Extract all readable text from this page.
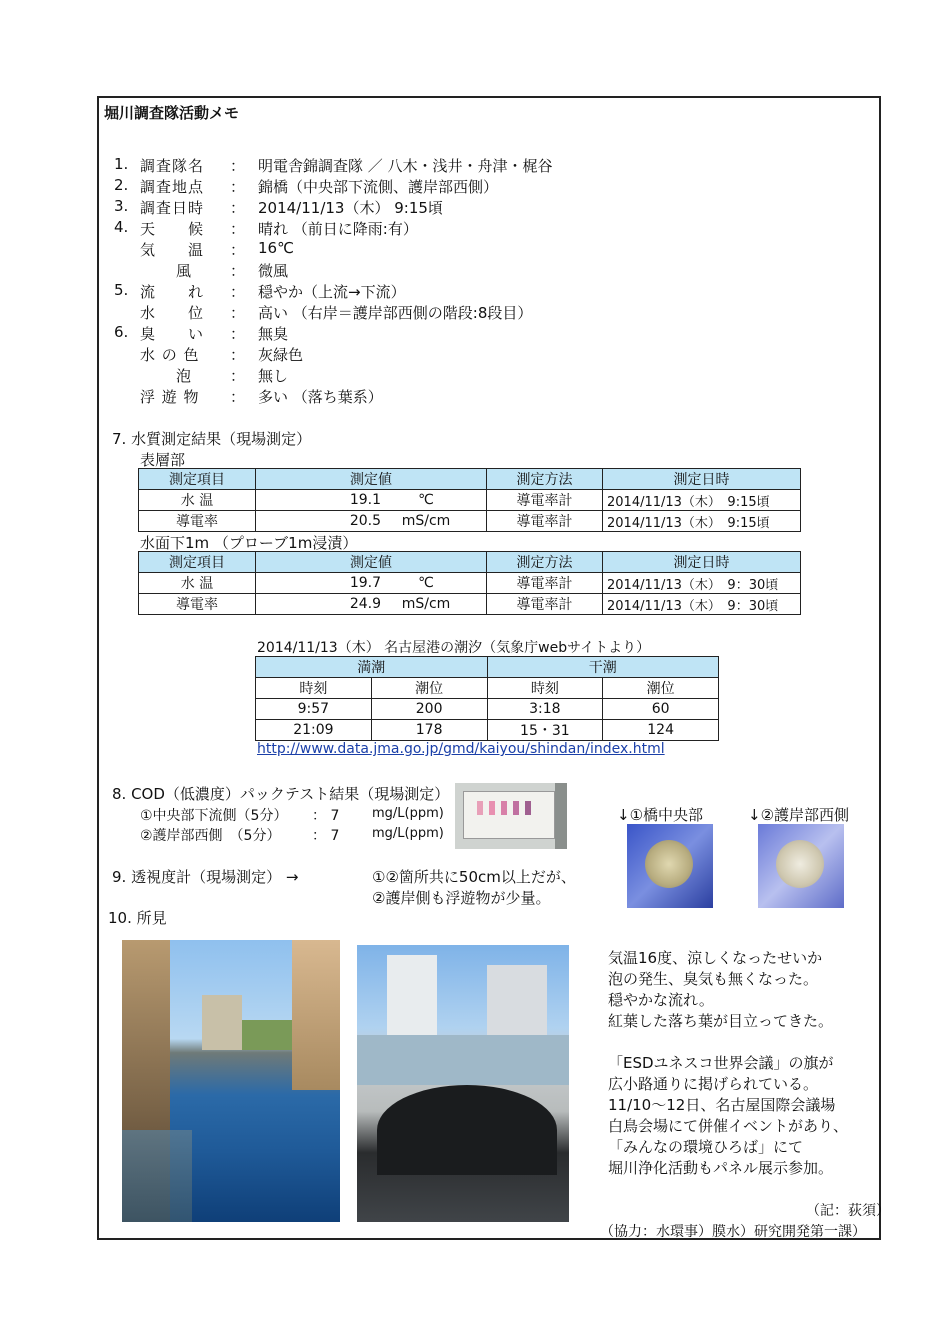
堀川調査隊活動メモ
1. 調査隊名 ： 明電舎錦調査隊 ／ 八木・浅井・舟津・梶谷
2. 調査地点 ： 錦橋（中央部下流側、護岸部西側）
3. 調査日時 ： 2014/11/13（木） 9:15頃
4. 天　　候 ： 晴れ （前日に降雨:有）
気　　温 ： 16℃
風	： 微風
5. 流　　れ ： 穏やか（上流→下流）
水　　位 ： 高い （右岸＝護岸部西側の階段:8段目）
6. 臭　　い ： 無臭
水 の 色 ： 灰緑色
泡	： 無し
浮 遊 物 ： 多い （落ち葉系）
7. 水質測定結果（現場測定）
表層部
測定項目	測定値	測定方法	測定日時
水 温	19.1 ℃	導電率計	2014/11/13（木）　9:15頃
導電率	20.5 mS/cm	導電率計	2014/11/13（木）　9:15頃
水面下1m （プローブ1m浸漬）
測定項目	測定値	測定方法	測定日時
水 温	19.7 ℃	導電率計	2014/11/13（木）　9：30頃
導電率	24.9 mS/cm	導電率計	2014/11/13（木）　9：30頃
2014/11/13（木） 名古屋港の潮汐（気象庁webサイトより）
満潮		干潮	
時刻	潮位	時刻	潮位
9:57	200	3:18	60
21:09	178	15・31	124
http://www.data.jma.go.jp/gmd/kaiyou/shindan/index.html
8. COD（低濃度）パックテスト結果（現場測定）
①中央部下流側（5分） ： 7	mg/L(ppm)
②護岸部西側　（5分） ： 7	mg/L(ppm)
↓①橋中央部	↓②護岸部西側
9. 透視度計（現場測定） →	①②箇所共に50cm以上だが、
②護岸側も浮遊物が少量。
10. 所見

気温16度、涼しくなったせいか

泡の発生、臭気も無くなった。

穏やかな流れ。

紅葉した落ち葉が目立ってきた。

「ESDユネスコ世界会議」の旗が

広小路通りに掲げられている。

11/10～12日、名古屋国際会議場

白鳥会場にて併催イベントがあり、

「みんなの環境ひろば」にて

堀川浄化活動もパネル展示参加。

（記：荻須）
（協力：水環事）膜水）研究開発第一課）
